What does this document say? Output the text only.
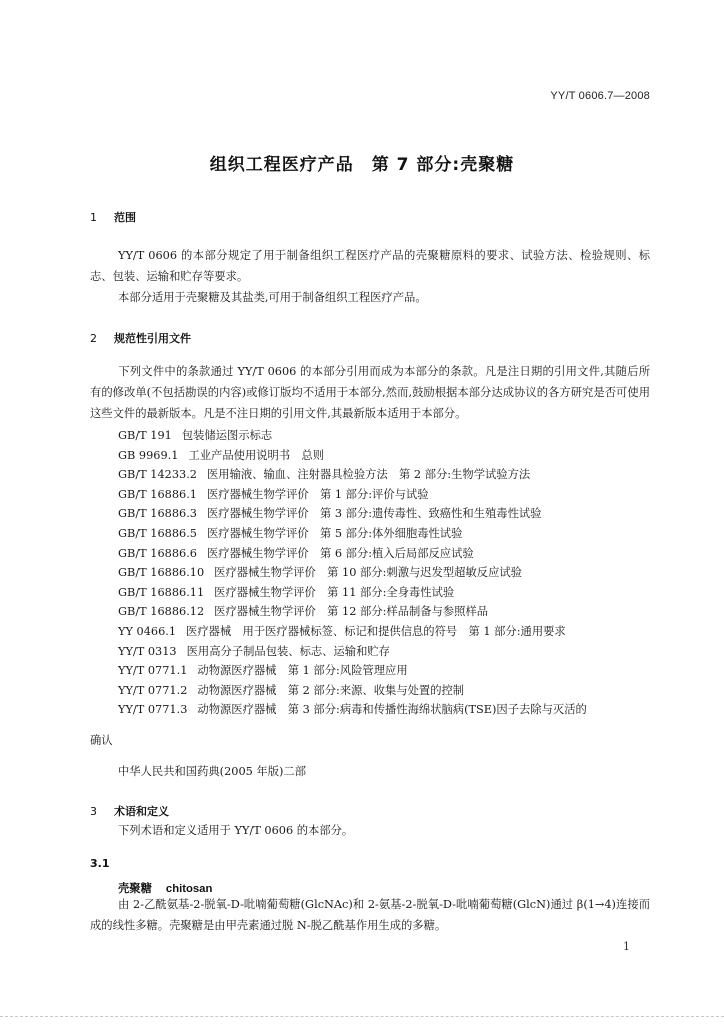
YY/T 0606.7—2008
组织工程医疗产品　第 7 部分:壳聚糖
1 范围
YY/T 0606 的本部分规定了用于制备组织工程医疗产品的壳聚糖原料的要求、试验方法、检验规则、标志、包装、运输和贮存等要求。
本部分适用于壳聚糖及其盐类,可用于制备组织工程医疗产品。
2 规范性引用文件
下列文件中的条款通过 YY/T 0606 的本部分引用而成为本部分的条款。凡是注日期的引用文件,其随后所有的修改单(不包括勘误的内容)或修订版均不适用于本部分,然而,鼓励根据本部分达成协议的各方研究是否可使用这些文件的最新版本。凡是不注日期的引用文件,其最新版本适用于本部分。
GB/T 191 包装储运图示标志
GB 9969.1 工业产品使用说明书　总则
GB/T 14233.2 医用输液、输血、注射器具检验方法　第 2 部分:生物学试验方法
GB/T 16886.1 医疗器械生物学评价　第 1 部分:评价与试验
GB/T 16886.3 医疗器械生物学评价　第 3 部分:遗传毒性、致癌性和生殖毒性试验
GB/T 16886.5 医疗器械生物学评价　第 5 部分:体外细胞毒性试验
GB/T 16886.6 医疗器械生物学评价　第 6 部分:植入后局部反应试验
GB/T 16886.10 医疗器械生物学评价　第 10 部分:刺激与迟发型超敏反应试验
GB/T 16886.11 医疗器械生物学评价　第 11 部分:全身毒性试验
GB/T 16886.12 医疗器械生物学评价　第 12 部分:样品制备与参照样品
YY 0466.1 医疗器械　用于医疗器械标签、标记和提供信息的符号　第 1 部分:通用要求
YY/T 0313 医用高分子制品包装、标志、运输和贮存
YY/T 0771.1 动物源医疗器械　第 1 部分:风险管理应用
YY/T 0771.2 动物源医疗器械　第 2 部分:来源、收集与处置的控制
YY/T 0771.3 动物源医疗器械　第 3 部分:病毒和传播性海绵状脑病(TSE)因子去除与灭活的
确认
中华人民共和国药典(2005 年版)二部
3 术语和定义
下列术语和定义适用于 YY/T 0606 的本部分。
3.1
壳聚糖 chitosan
由 2-乙酰氨基-2-脱氧-D-吡喃葡萄糖(GlcNAc)和 2-氨基-2-脱氧-D-吡喃葡萄糖(GlcN)通过 β(1→4)连接而成的线性多糖。壳聚糖是由甲壳素通过脱 N-脱乙酰基作用生成的多糖。
1
